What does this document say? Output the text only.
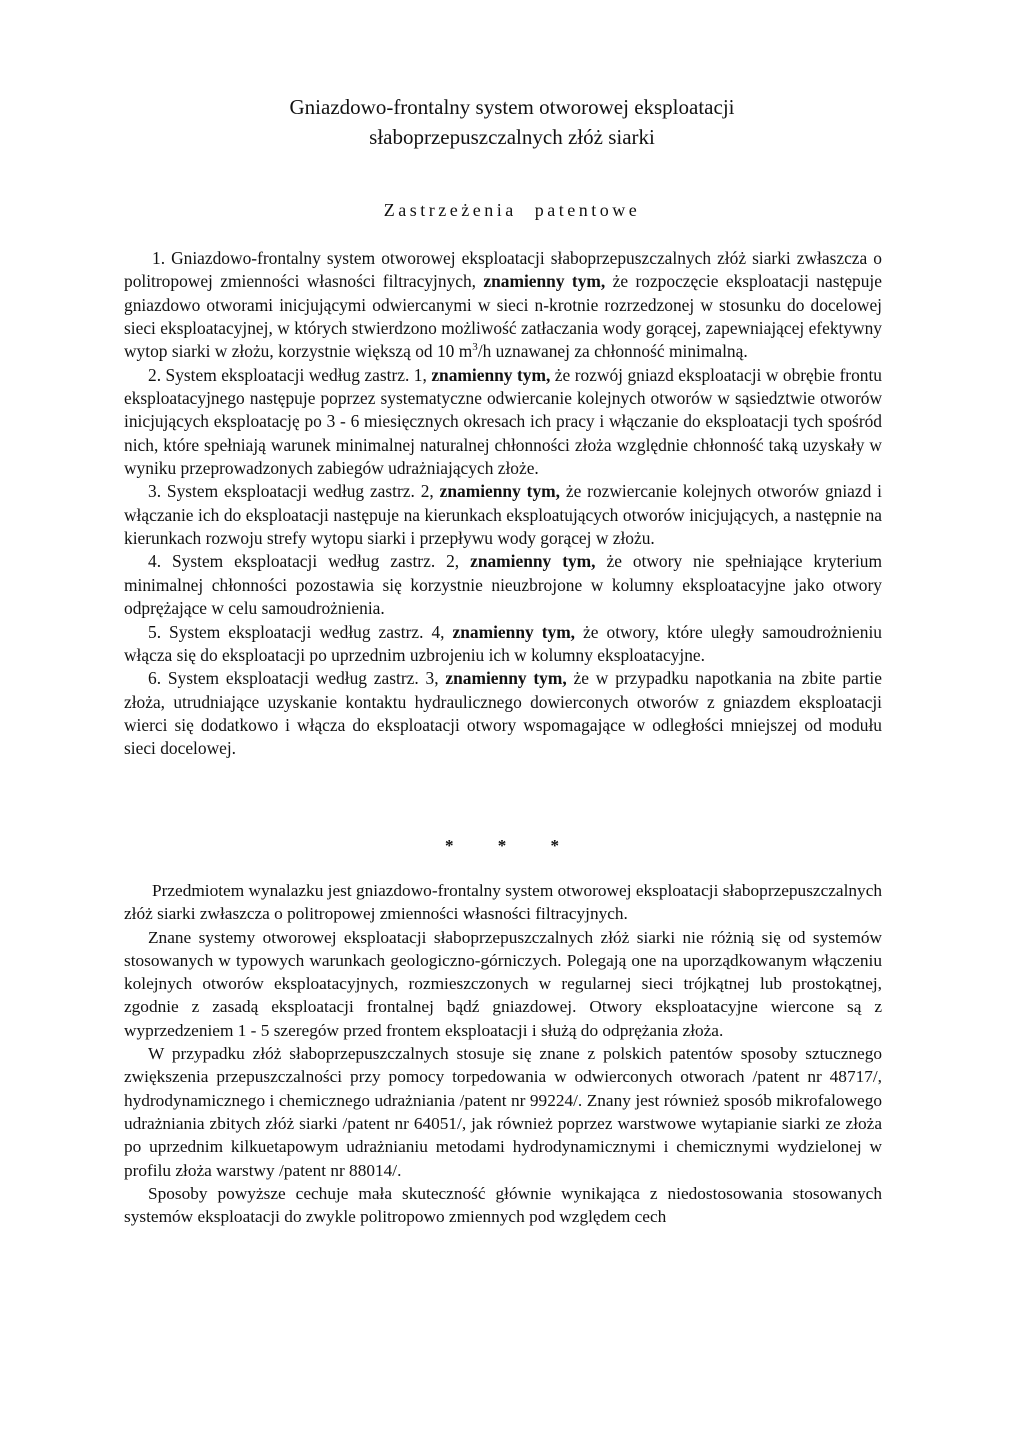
Gniazdowo-frontalny system otworowej eksploatacji
słaboprzepuszczalnych złóż siarki
Zastrzeżenia patentowe

1. Gniazdowo-frontalny system otworowej eksploatacji słaboprzepuszczalnych złóż siarki zwłaszcza o politropowej zmienności własności filtracyjnych, znamienny tym, że rozpoczęcie eksploatacji następuje gniazdowo otworami inicjującymi odwiercanymi w sieci n-krotnie rozrzedzonej w stosunku do docelowej sieci eksploatacyjnej, w których stwierdzono możliwość zatłaczania wody gorącej, zapewniającej efektywny wytop siarki w złożu, korzystnie większą od 10 $m^3/h$ uznawanej za chłonność minimalną.

2. System eksploatacji według zastrz. 1, znamienny tym, że rozwój gniazd eksploatacji w obrębie frontu eksploatacyjnego następuje poprzez systematyczne odwiercanie kolejnych otworów w sąsiedztwie otworów inicjujących eksploatację po 3 - 6 miesięcznych okresach ich pracy i włączanie do eksploatacji tych spośród nich, które spełniają warunek minimalnej naturalnej chłonności złoża względnie chłonność taką uzyskały w wyniku przeprowadzonych zabiegów udrażniających złoże.

3. System eksploatacji według zastrz. 2, znamienny tym, że rozwiercanie kolejnych otworów gniazd i włączanie ich do eksploatacji następuje na kierunkach eksploatujących otworów inicjujących, a następnie na kierunkach rozwoju strefy wytopu siarki i przepływu wody gorącej w złożu.

4. System eksploatacji według zastrz. 2, znamienny tym, że otwory nie spełniające kryterium minimalnej chłonności pozostawia się korzystnie nieuzbrojone w kolumny eksploatacyjne jako otwory odprężające w celu samoudrożnienia.

5. System eksploatacji według zastrz. 4, znamienny tym, że otwory, które uległy samoudrożnieniu włącza się do eksploatacji po uprzednim uzbrojeniu ich w kolumny eksploatacyjne.

6. System eksploatacji według zastrz. 3, znamienny tym, że w przypadku napotkania na zbite partie złoża, utrudniające uzyskanie kontaktu hydraulicznego dowierconych otworów z gniazdem eksploatacji wierci się dodatkowo i włącza do eksploatacji otwory wspomagające w odległości mniejszej od modułu sieci docelowej.

* * *

Przedmiotem wynalazku jest gniazdowo-frontalny system otworowej eksploatacji słaboprzepuszczalnych złóż siarki zwłaszcza o politropowej zmienności własności filtracyjnych.

Znane systemy otworowej eksploatacji słaboprzepuszczalnych złóż siarki nie różnią się od systemów stosowanych w typowych warunkach geologiczno-górniczych. Polegają one na uporządkowanym włączeniu kolejnych otworów eksploatacyjnych, rozmieszczonych w regularnej sieci trójkątnej lub prostokątnej, zgodnie z zasadą eksploatacji frontalnej bądź gniazdowej. Otwory eksploatacyjne wiercone są z wyprzedzeniem 1 - 5 szeregów przed frontem eksploatacji i służą do odprężania złoża.

W przypadku złóż słaboprzepuszczalnych stosuje się znane z polskich patentów sposoby sztucznego zwiększenia przepuszczalności przy pomocy torpedowania w odwierconych otworach /patent nr 48717/, hydrodynamicznego i chemicznego udrażniania /patent nr 99224/. Znany jest również sposób mikrofalowego udrażniania zbitych złóż siarki /patent nr 64051/, jak również poprzez warstwowe wytapianie siarki ze złoża po uprzednim kilkuetapowym udrażnianiu metodami hydrodynamicznymi i chemicznymi wydzielonej w profilu złoża warstwy /patent nr 88014/.

Sposoby powyższe cechuje mała skuteczność głównie wynikająca z niedostosowania stosowanych systemów eksploatacji do zwykle politropowo zmiennych pod względem cech
